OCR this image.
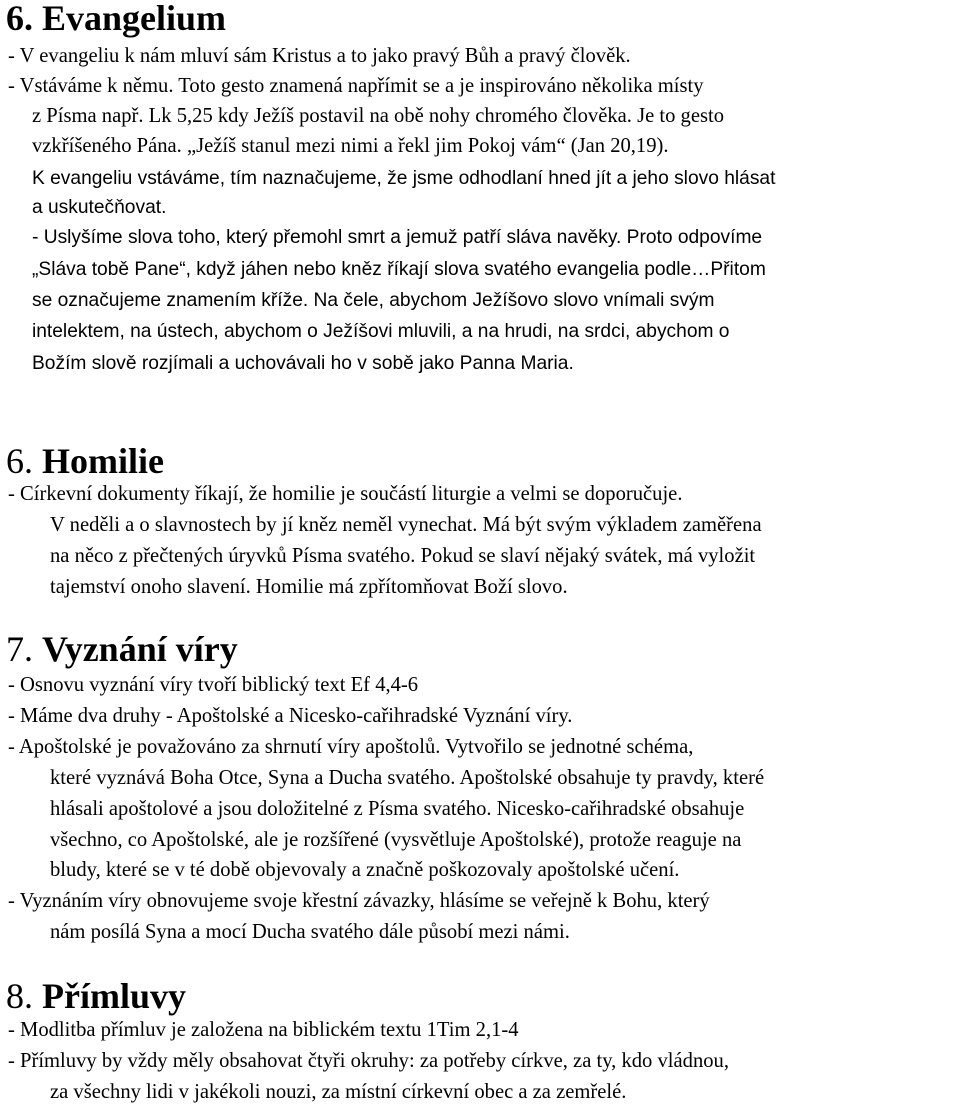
6. Evangelium
- V evangeliu k nám mluví sám Kristus a to jako pravý Bůh a pravý člověk.
- Vstáváme k němu. Toto gesto znamená napřímit se a je inspirováno několika místy
z Písma např. Lk 5,25 kdy Ježíš postavil na obě nohy chromého člověka. Je to gesto
vzkříšeného Pána. „Ježíš stanul mezi nimi a řekl jim Pokoj vám“ (Jan 20,19).
K evangeliu vstáváme, tím naznačujeme, že jsme odhodlaní hned jít a jeho slovo hlásat
a uskutečňovat.
- Uslyšíme slova toho, který přemohl smrt a jemuž patří sláva navěky. Proto odpovíme
„Sláva tobě Pane“, když jáhen nebo kněz říkají slova svatého evangelia podle…Přitom
se označujeme znamením kříže. Na čele, abychom Ježíšovo slovo vnímali svým
intelektem, na ústech, abychom o Ježíšovi mluvili, a na hrudi, na srdci, abychom o
Božím slově rozjímali a uchovávali ho v sobě jako Panna Maria.
6. Homilie
- Církevní dokumenty říkají, že homilie je součástí liturgie a velmi se doporučuje.
V neděli a o slavnostech by jí kněz neměl vynechat. Má být svým výkladem zaměřena
na něco z přečtených úryvků Písma svatého. Pokud se slaví nějaký svátek, má vyložit
tajemství onoho slavení. Homilie má zpřítomňovat Boží slovo.
7. Vyznání víry
- Osnovu vyznání víry tvoří biblický text Ef 4,4-6
- Máme dva druhy - Apoštolské a Nicesko-cařihradské Vyznání víry.
- Apoštolské je považováno za shrnutí víry apoštolů. Vytvořilo se jednotné schéma,
které vyznává Boha Otce, Syna a Ducha svatého. Apoštolské obsahuje ty pravdy, které
hlásali apoštolové a jsou doložitelné z Písma svatého. Nicesko-cařihradské obsahuje
všechno, co Apoštolské, ale je rozšířené (vysvětluje Apoštolské), protože reaguje na
bludy, které se v té době objevovaly a značně poškozovaly apoštolské učení.
- Vyznáním víry obnovujeme svoje křestní závazky, hlásíme se veřejně k Bohu, který
nám posílá Syna a mocí Ducha svatého dále působí mezi námi.
8. Přímluvy
- Modlitba přímluv je založena na biblickém textu 1Tim 2,1-4
- Přímluvy by vždy měly obsahovat čtyři okruhy: za potřeby církve, za ty, kdo vládnou,
za všechny lidi v jakékoli nouzi, za místní církevní obec a za zemřelé.
